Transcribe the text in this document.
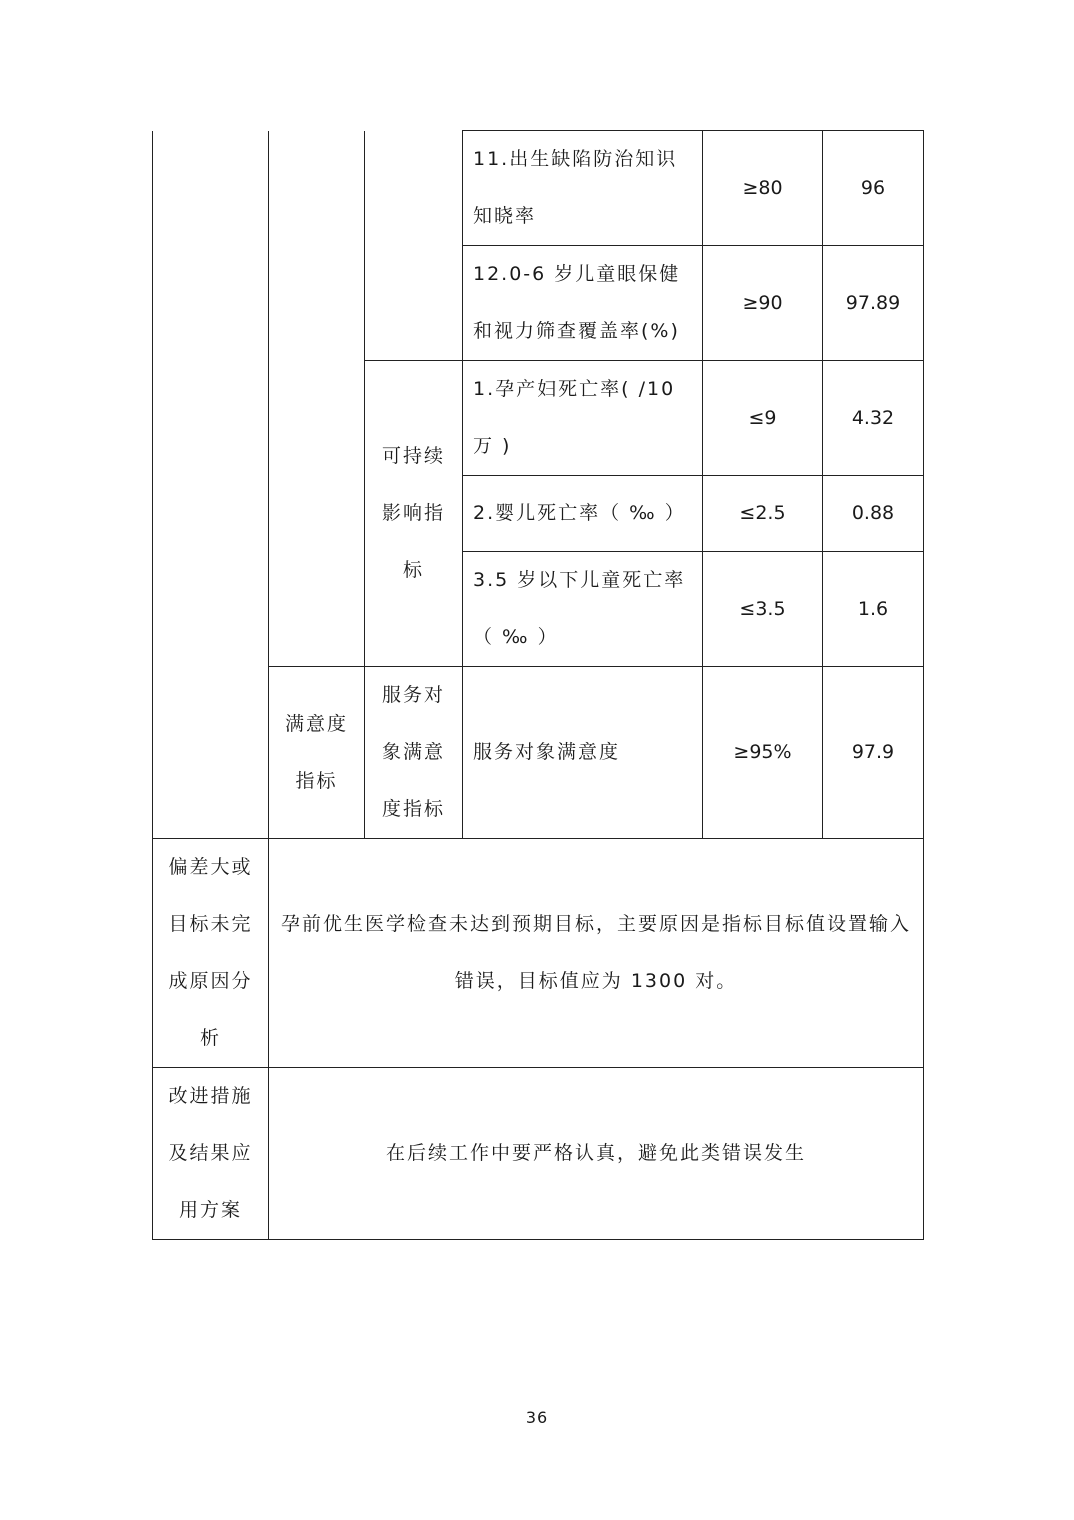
			11.出生缺陷防治知识知晓率	≥80	96
			12.0-6 岁儿童眼保健和视力筛查覆盖率(%)	≥90	97.89
		可持续影响指标	1.孕产妇死亡率( /10 万 )	≤9	4.32
			2.婴儿死亡率（ ‰ ）	≤2.5	0.88
			3.5 岁以下儿童死亡率（ ‰ ）	≤3.5	1.6
	满意度指标	服务对象满意度指标	服务对象满意度	≥95%	97.9
偏差大或目标未完成原因分析	孕前优生医学检查未达到预期目标，主要原因是指标目标值设置输入错误，目标值应为 1300 对。				
改进措施及结果应用方案	在后续工作中要严格认真，避免此类错误发生				
36
